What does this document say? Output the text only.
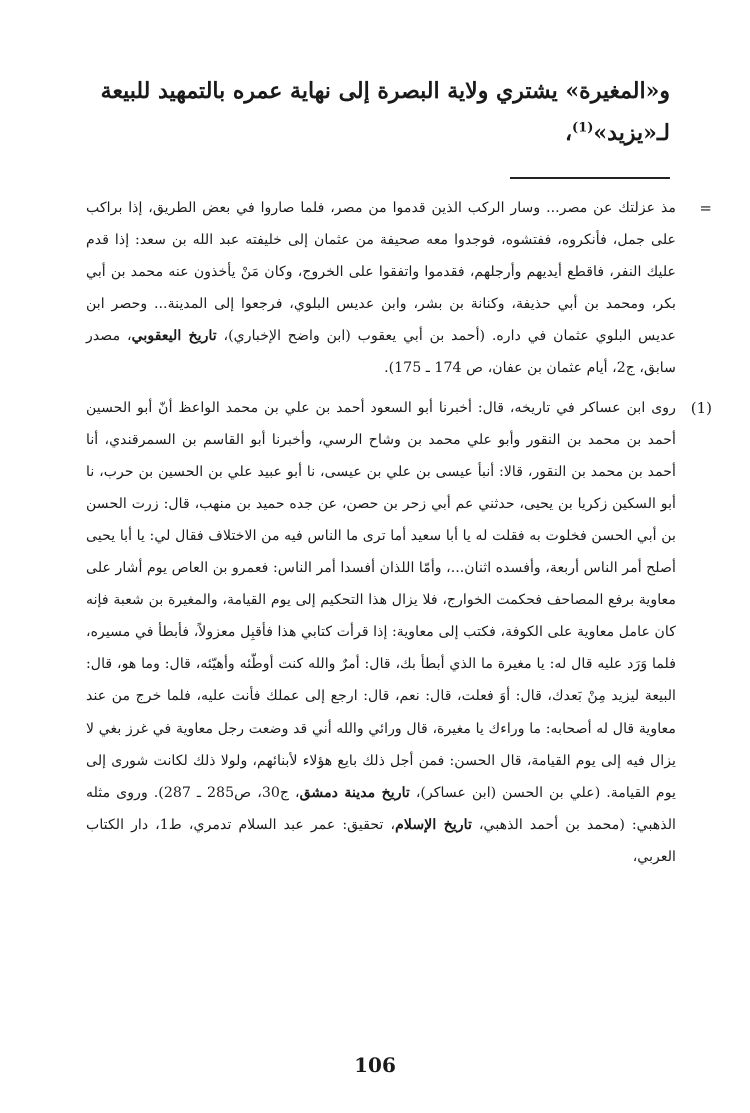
و«المغيرة» يشتري ولاية البصرة إلى نهاية عمره بالتمهيد للبيعة
لـ«يزيد»$^{(1)}$،
=
مذ عزلتك عن مصر... وسار الركب الذين قدموا من مصر، فلما صاروا في بعض الطريق، إذا براكب على جمل، فأنكروه، ففتشوه، فوجدوا معه صحيفة من عثمان إلى خليفته عبد الله بن سعد: إذا قدم عليك النفر، فاقطع أيديهم وأرجلهم، فقدموا واتفقوا على الخروج، وكان مَنْ يأخذون عنه محمد بن أبي بكر، ومحمد بن أبي حذيفة، وكنانة بن بشر، وابن عديس البلوي، فرجعوا إلى المدينة... وحصر ابن عديس البلوي عثمان في داره. (أحمد بن أبي يعقوب (ابن واضح الإخباري)، تاريخ اليعقوبي، مصدر سابق، ج2، أيام عثمان بن عفان، ص 174 ـ 175).
(1)
روى ابن عساكر في تاريخه، قال: أخبرنا أبو السعود أحمد بن علي بن محمد الواعظ أنّ أبو الحسين أحمد بن محمد بن النقور وأبو علي محمد بن وشاح الرسي، وأخبرنا أبو القاسم بن السمرقندي، أنا أحمد بن محمد بن النقور، قالا: أنبأ عيسى بن علي بن عيسى، نا أبو عبيد علي بن الحسين بن حرب، نا أبو السكين زكريا بن يحيى، حدثني عم أبي زحر بن حصن، عن جده حميد بن منهب، قال: زرت الحسن بن أبي الحسن فخلوت به فقلت له يا أبا سعيد أما ترى ما الناس فيه من الاختلاف فقال لي: يا أبا يحيى أصلح أمر الناس أربعة، وأفسده اثنان...، وأمّا اللذان أفسدا أمر الناس: فعمرو بن العاص يوم أشار على معاوية برفع المصاحف فحكمت الخوارج، فلا يزال هذا التحكيم إلى يوم القيامة، والمغيرة بن شعبة فإنه كان عامل معاوية على الكوفة، فكتب إلى معاوية: إذا قرأت كتابي هذا فأقبِل معزولاً، فأبطأ في مسيره، فلما وَرَد عليه قال له: يا مغيرة ما الذي أبطأ بك، قال: أمرٌ والله كنت أوطّئه وأهيّئه، قال: وما هو، قال: البيعة ليزيد مِنْ بَعدك، قال: أوَ فعلت، قال: نعم، قال: ارجع إلى عملك فأنت عليه، فلما خرج من عند معاوية قال له أصحابه: ما وراءك يا مغيرة، قال ورائي والله أني قد وضعت رجل معاوية في غرز بغي لا يزال فيه إلى يوم القيامة، قال الحسن: فمن أجل ذلك بايع هؤلاء لأبنائهم، ولولا ذلك لكانت شورى إلى يوم القيامة. (علي بن الحسن (ابن عساكر)، تاريخ مدينة دمشق، ج30، ص285 ـ 287). وروى مثله الذهبي: (محمد بن أحمد الذهبي، تاريخ الإسلام، تحقيق: عمر عبد السلام تدمري، ط1، دار الكتاب العربي،
106
